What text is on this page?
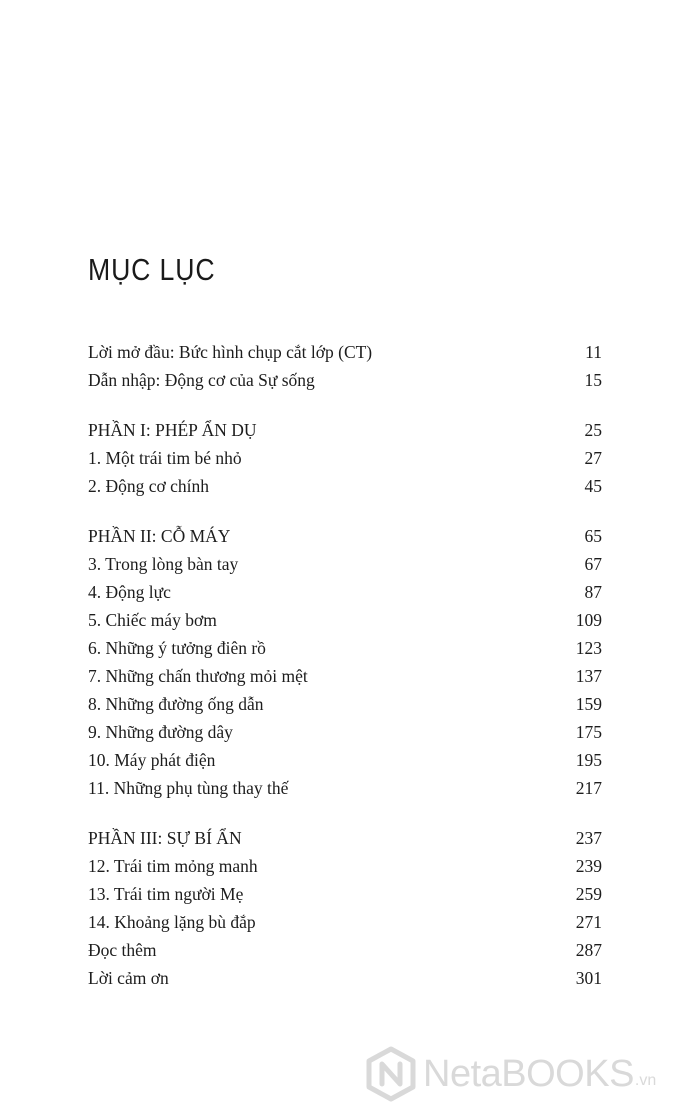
MỤC LỤC
Lời mở đầu: Bức hình chụp cắt lớp (CT)	11
Dẫn nhập: Động cơ của Sự sống	15
PHẦN I: PHÉP ẨN DỤ	25
1. Một trái tim bé nhỏ	27
2. Động cơ chính	45
PHẦN II: CỖ MÁY	65
3. Trong lòng bàn tay	67
4. Động lực	87
5. Chiếc máy bơm	109
6. Những ý tưởng điên rồ	123
7. Những chấn thương mỏi mệt	137
8. Những đường ống dẫn	159
9. Những đường dây	175
10. Máy phát điện	195
11. Những phụ tùng thay thế	217
PHẦN III: SỰ BÍ ẨN	237
12. Trái tim mỏng manh	239
13. Trái tim người Mẹ	259
14. Khoảng lặng bù đắp	271
Đọc thêm	287
Lời cảm ơn	301
NetaBOOKS .vn
